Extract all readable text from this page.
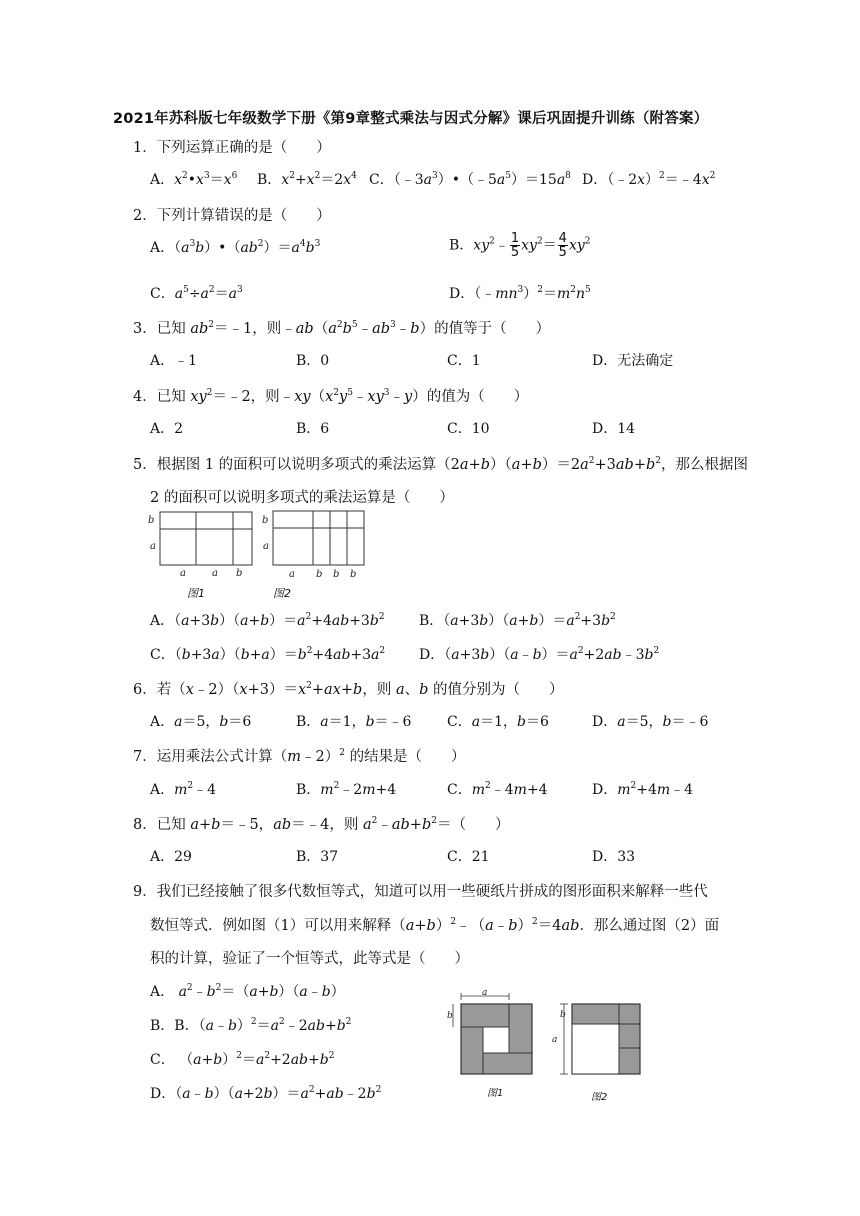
2021年苏科版七年级数学下册《第9章整式乘法与因式分解》课后巩固提升训练（附答案）
1．下列运算正确的是（　　）
A．$x^2•x^3=x^6$ B．$x^2+x^2=2x^4$ C．$(﹣3a^3)•(﹣5a^5)=15a^8$ D．$(﹣2x)^2=﹣4x^2$
2．下列计算错误的是（　　）
A．$(a^3b)•(ab^2)=a^4b^3$	B．$xy^2﹣ \frac{1}{5} xy^2= \frac{4}{5} xy^2$
C．$a^5\div a^2=a^3$	D．$(﹣mn^3)^2=m^2n^5$
3．已知 $ab^2=﹣1$，则$﹣ab(a^2b^5﹣ab^3﹣b)$的值等于（　　）
A．﹣1	B．0	C．1	D．无法确定
4．已知 $xy^2=﹣2$，则$﹣xy(x^2y^5﹣xy^3﹣y)$的值为（　　）
A．2	B．6	C．10	D．14
5．根据图 1 的面积可以说明多项式的乘法运算$(2a+b)(a+b)=2a^2+3ab+b^2$，那么根据图
2 的面积可以说明多项式的乘法运算是（　　）
b
a
a	a b
b
a
a b b b
图1	图2
A．$(a+3b)(a+b)=a^2+4ab+3b^2$ B．$(a+3b)(a+b)=a^2+3b^2$
C．$(b+3a)(b+a)=b^2+4ab+3a^2$ D．$(a+3b)(a﹣b)=a^2+2ab﹣3b^2$
6．若$(x﹣2)(x+3)=x^2+ax+b$，则 a、b 的值分别为（　　）
A．a＝5，b＝6	B．a＝1，b＝﹣6	C．a＝1，b＝6	D．a＝5，b＝﹣6
7．运用乘法公式计算（m﹣2）$^2$ 的结果是（　　）
A．$m^2﹣4$	B．$m^2﹣2m+4$	C．$m^2﹣4m+4$	D．$m^2+4m﹣4$
8．已知 a+b＝﹣5，ab＝﹣4，则 $a^2﹣ab+b^2=$（　　）
A．29	B．37	C．21	D．33
9．我们已经接触了很多代数恒等式，知道可以用一些硬纸片拼成的图形面积来解释一些代
数恒等式．例如图（1）可以用来解释$(a+b)^2﹣(a﹣b)^2=4ab$．那么通过图（2）面
积的计算，验证了一个恒等式，此等式是（　　）
A． $a^2﹣b^2=(a+b)(a﹣b)$
B．B．$(a﹣b)^2=a^2﹣2ab+b^2$
C． $(a+b)^2=a^2+2ab+b^2$
D．$(a﹣b)(a+2b)=a^2+ab﹣2b^2$
a
b
a
b
图1	图2
